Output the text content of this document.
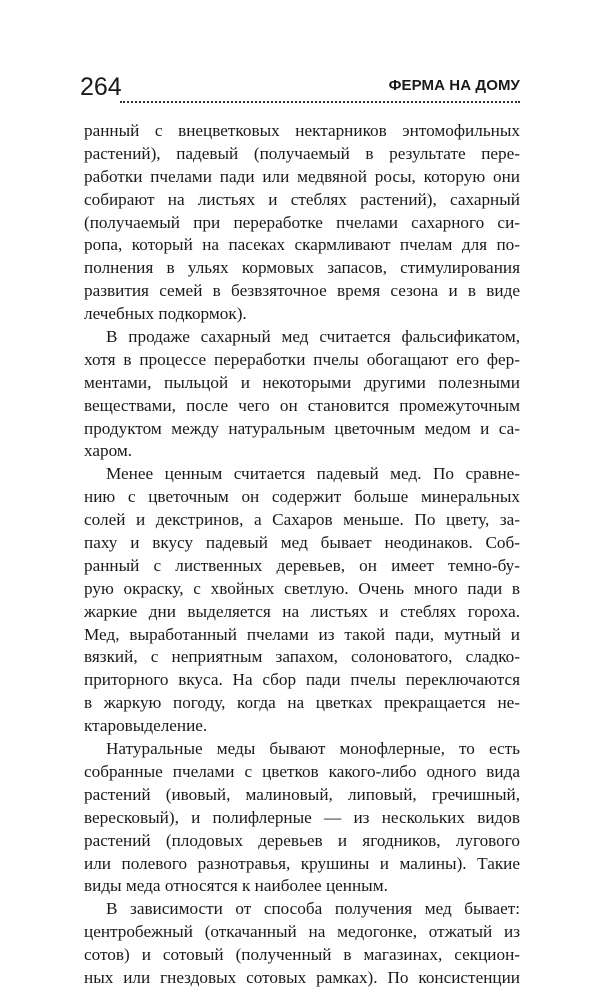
264	ФЕРМА НА ДОМУ
ранный с внецветковых нектарников энтомофильных
растений), падевый (получаемый в результате пере-
работки пчелами пади или медвяной росы, которую они
собирают на листьях и стеблях растений), сахарный
(получаемый при переработке пчелами сахарного си-
ропа, который на пасеках скармливают пчелам для по-
полнения в ульях кормовых запасов, стимулирования
развития семей в безвзяточное время сезона и в виде
лечебных подкормок).
В продаже сахарный мед считается фальсификатом,
хотя в процессе переработки пчелы обогащают его фер-
ментами, пыльцой и некоторыми другими полезными
веществами, после чего он становится промежуточным
продуктом между натуральным цветочным медом и са-
харом.
Менее ценным считается падевый мед. По сравне-
нию с цветочным он содержит больше минеральных
солей и декстринов, а Сахаров меньше. По цвету, за-
паху и вкусу падевый мед бывает неодинаков. Соб-
ранный с лиственных деревьев, он имеет темно-бу-
рую окраску, с хвойных светлую. Очень много пади в
жаркие дни выделяется на листьях и стеблях гороха.
Мед, выработанный пчелами из такой пади, мутный и
вязкий, с неприятным запахом, солоноватого, сладко-
приторного вкуса. На сбор пади пчелы переключаются
в жаркую погоду, когда на цветках прекращается не-
ктаровыделение.
Натуральные меды бывают монофлерные, то есть
собранные пчелами с цветков какого-либо одного вида
растений (ивовый, малиновый, липовый, гречишный,
вересковый), и полифлерные — из нескольких видов
растений (плодовых деревьев и ягодников, лугового
или полевого разнотравья, крушины и малины). Такие
виды меда относятся к наиболее ценным.
В зависимости от способа получения мед бывает:
центробежный (откачанный на медогонке, отжатый из
сотов) и сотовый (полученный в магазинах, секцион-
ных или гнездовых сотовых рамках). По консистенции
